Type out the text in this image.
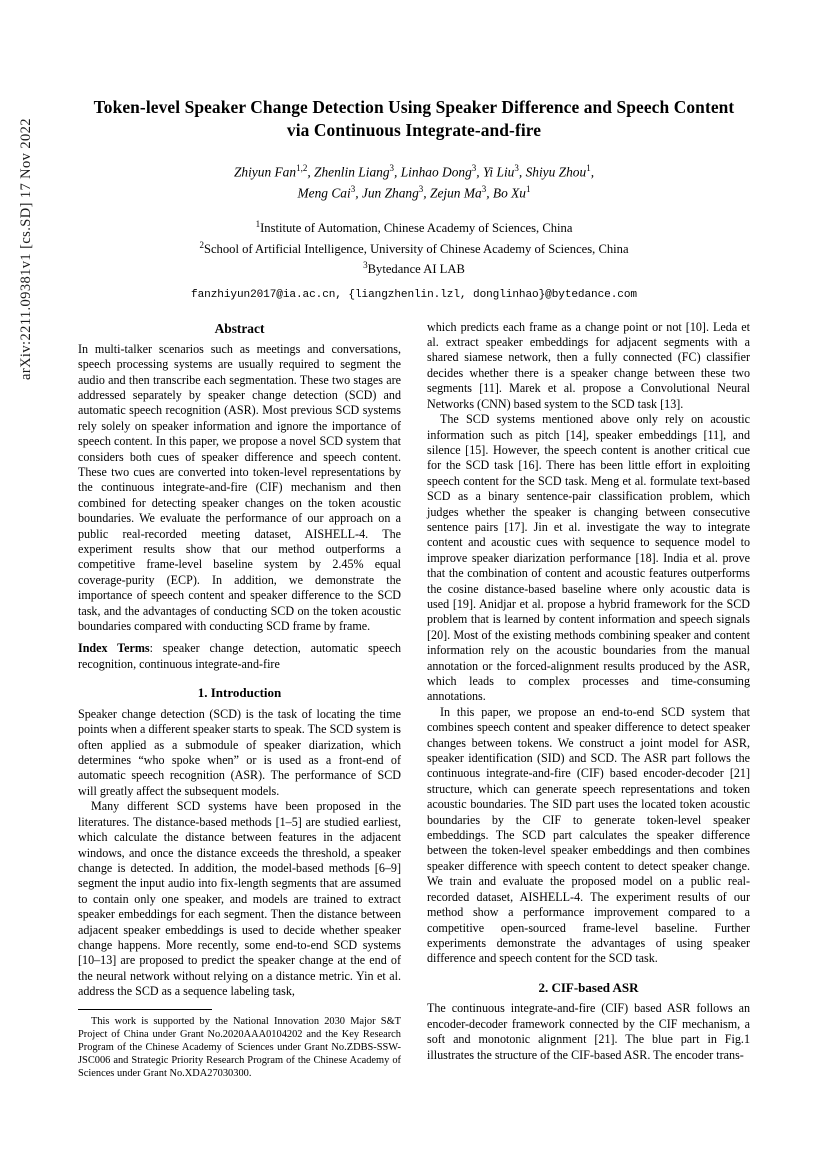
arXiv:2211.09381v1 [cs.SD] 17 Nov 2022
Token-level Speaker Change Detection Using Speaker Difference and Speech Content via Continuous Integrate-and-fire
Zhiyun Fan$^{1,2}$, Zhenlin Liang$^3$, Linhao Dong$^3$, Yi Liu$^3$, Shiyu Zhou$^1$,
Meng Cai$^3$, Jun Zhang$^3$, Zejun Ma$^3$, Bo Xu$^1$
$^1$Institute of Automation, Chinese Academy of Sciences, China
$^2$School of Artificial Intelligence, University of Chinese Academy of Sciences, China
$^3$Bytedance AI LAB
fanzhiyun2017@ia.ac.cn, {liangzhenlin.lzl, donglinhao}@bytedance.com
Abstract

In multi-talker scenarios such as meetings and conversations, speech processing systems are usually required to segment the audio and then transcribe each segmentation. These two stages are addressed separately by speaker change detection (SCD) and automatic speech recognition (ASR). Most previous SCD systems rely solely on speaker information and ignore the importance of speech content. In this paper, we propose a novel SCD system that considers both cues of speaker difference and speech content. These two cues are converted into token-level representations by the continuous integrate-and-fire (CIF) mechanism and then combined for detecting speaker changes on the token acoustic boundaries. We evaluate the performance of our approach on a public real-recorded meeting dataset, AISHELL-4. The experiment results show that our method outperforms a competitive frame-level baseline system by 2.45% equal coverage-purity (ECP). In addition, we demonstrate the importance of speech content and speaker difference to the SCD task, and the advantages of conducting SCD on the token acoustic boundaries compared with conducting SCD frame by frame.

Index Terms: speaker change detection, automatic speech recognition, continuous integrate-and-fire

1. Introduction

Speaker change detection (SCD) is the task of locating the time points when a different speaker starts to speak. The SCD system is often applied as a submodule of speaker diarization, which determines “who spoke when” or is used as a front-end of automatic speech recognition (ASR). The performance of SCD will greatly affect the subsequent models.

Many different SCD systems have been proposed in the literatures. The distance-based methods [1–5] are studied earliest, which calculate the distance between features in the adjacent windows, and once the distance exceeds the threshold, a speaker change is detected. In addition, the model-based methods [6–9] segment the input audio into fix-length segments that are assumed to contain only one speaker, and models are trained to extract speaker embeddings for each segment. Then the distance between adjacent speaker embeddings is used to decide whether speaker change happens. More recently, some end-to-end SCD systems [10–13] are proposed to predict the speaker change at the end of the neural network without relying on a distance metric. Yin et al. address the SCD as a sequence labeling task,

This work is supported by the National Innovation 2030 Major S&T Project of China under Grant No.2020AAA0104202 and the Key Research Program of the Chinese Academy of Sciences under Grant No.ZDBS-SSW-JSC006 and Strategic Priority Research Program of the Chinese Academy of Sciences under Grant No.XDA27030300.

which predicts each frame as a change point or not [10]. Leda et al. extract speaker embeddings for adjacent segments with a shared siamese network, then a fully connected (FC) classifier decides whether there is a speaker change between these two segments [11]. Marek et al. propose a Convolutional Neural Networks (CNN) based system to the SCD task [13].

The SCD systems mentioned above only rely on acoustic information such as pitch [14], speaker embeddings [11], and silence [15]. However, the speech content is another critical cue for the SCD task [16]. There has been little effort in exploiting speech content for the SCD task. Meng et al. formulate text-based SCD as a binary sentence-pair classification problem, which judges whether the speaker is changing between consecutive sentence pairs [17]. Jin et al. investigate the way to integrate content and acoustic cues with sequence to sequence model to improve speaker diarization performance [18]. India et al. prove that the combination of content and acoustic features outperforms the cosine distance-based baseline where only acoustic data is used [19]. Anidjar et al. propose a hybrid framework for the SCD problem that is learned by content information and speech signals [20]. Most of the existing methods combining speaker and content information rely on the acoustic boundaries from the manual annotation or the forced-alignment results produced by the ASR, which leads to complex processes and time-consuming annotations.

In this paper, we propose an end-to-end SCD system that combines speech content and speaker difference to detect speaker changes between tokens. We construct a joint model for ASR, speaker identification (SID) and SCD. The ASR part follows the continuous integrate-and-fire (CIF) based encoder-decoder [21] structure, which can generate speech representations and token acoustic boundaries. The SID part uses the located token acoustic boundaries by the CIF to generate token-level speaker embeddings. The SCD part calculates the speaker difference between the token-level speaker embeddings and then combines speaker difference with speech content to detect speaker change. We train and evaluate the proposed model on a public real-recorded dataset, AISHELL-4. The experiment results of our method show a performance improvement compared to a competitive open-sourced frame-level baseline. Further experiments demonstrate the advantages of using speaker difference and speech content for the SCD task.

2. CIF-based ASR

The continuous integrate-and-fire (CIF) based ASR follows an encoder-decoder framework connected by the CIF mechanism, a soft and monotonic alignment [21]. The blue part in Fig.1 illustrates the structure of the CIF-based ASR. The encoder trans-
